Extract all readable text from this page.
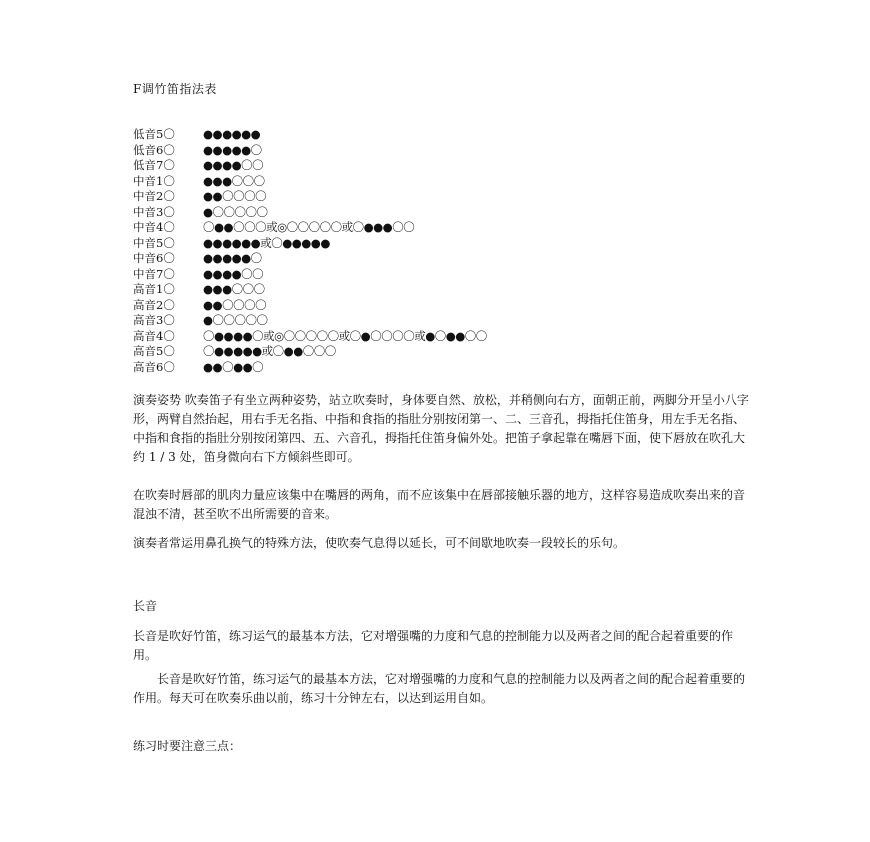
F调竹笛指法表
低音5〇 ●●●●●●
低音6〇 ●●●●●〇
低音7〇 ●●●●〇〇
中音1〇 ●●●〇〇〇
中音2〇 ●●〇〇〇〇
中音3〇 ●〇〇〇〇〇
中音4〇 〇●●〇〇〇或◎〇〇〇〇〇或〇●●●〇〇
中音5〇 ●●●●●●或〇●●●●●
中音6〇 ●●●●●〇
中音7〇 ●●●●〇〇
高音1〇 ●●●〇〇〇
高音2〇 ●●〇〇〇〇
高音3〇 ●〇〇〇〇〇
高音4〇 〇●●●●〇或◎〇〇〇〇〇或〇●〇〇〇〇或●〇●●〇〇
高音5〇 〇●●●●●或〇●●〇〇〇
高音6〇 ●●〇●●〇

演奏姿势 吹奏笛子有坐立两种姿势，站立吹奏时，身体要自然、放松，并稍侧向右方，面朝正前，两脚分开呈小八字形，两臂自然抬起，用右手无名指、中指和食指的指肚分别按闭第一、二、三音孔，拇指托住笛身，用左手无名指、中指和食指的指肚分别按闭第四、五、六音孔，拇指托住笛身偏外处。把笛子拿起靠在嘴唇下面，使下唇放在吹孔大约 1 / 3 处，笛身微向右下方倾斜些即可。

在吹奏时唇部的肌肉力量应该集中在嘴唇的两角，而不应该集中在唇部接触乐器的地方，这样容易造成吹奏出来的音混浊不清，甚至吹不出所需要的音来。

演奏者常运用鼻孔换气的特殊方法，使吹奏气息得以延长，可不间歇地吹奏一段较长的乐句。

长音

长音是吹好竹笛，练习运气的最基本方法，它对增强嘴的力度和气息的控制能力以及两者之间的配合起着重要的作用。

长音是吹好竹笛，练习运气的最基本方法，它对增强嘴的力度和气息的控制能力以及两者之间的配合起着重要的作用。每天可在吹奏乐曲以前，练习十分钟左右，以达到运用自如。

练习时要注意三点：
